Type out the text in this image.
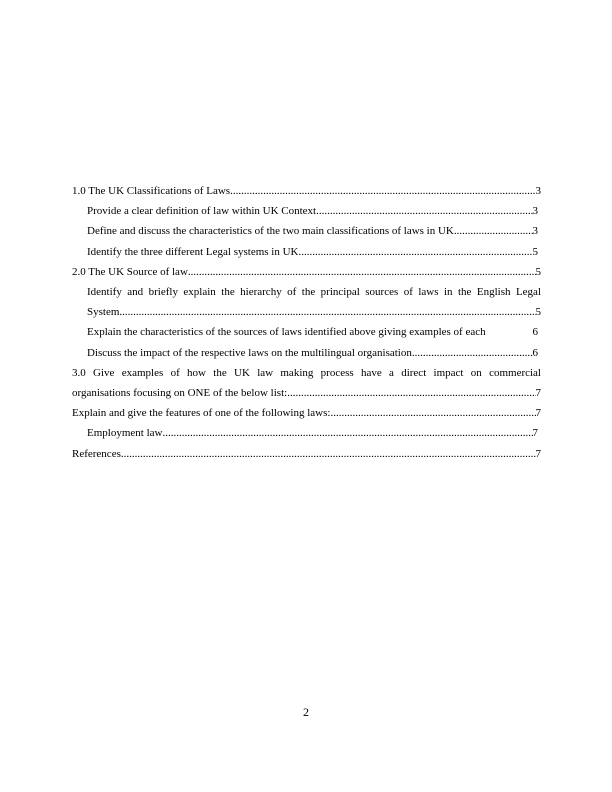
1.0 The UK Classifications of Laws .....	3
Provide a clear definition of law within UK Context .....	3
Define and discuss the characteristics of the two main classifications of laws in UK .....	3
Identify the three different Legal systems in UK .....	5
2.0 The UK Source of law .....	5
Identify and briefly explain the hierarchy of the principal sources of laws in the English Legal
System .....	5
Explain the characteristics of the sources of laws identified above giving examples of each	6
Discuss the impact of the respective laws on the multilingual organisation .....	6
3.0 Give examples of how the UK law making process have a direct impact on commercial
organisations focusing on ONE of the below list: .....	7
Explain and give the features of one of the following laws: .....	7
Employment law .....	7
References .....	7
2
